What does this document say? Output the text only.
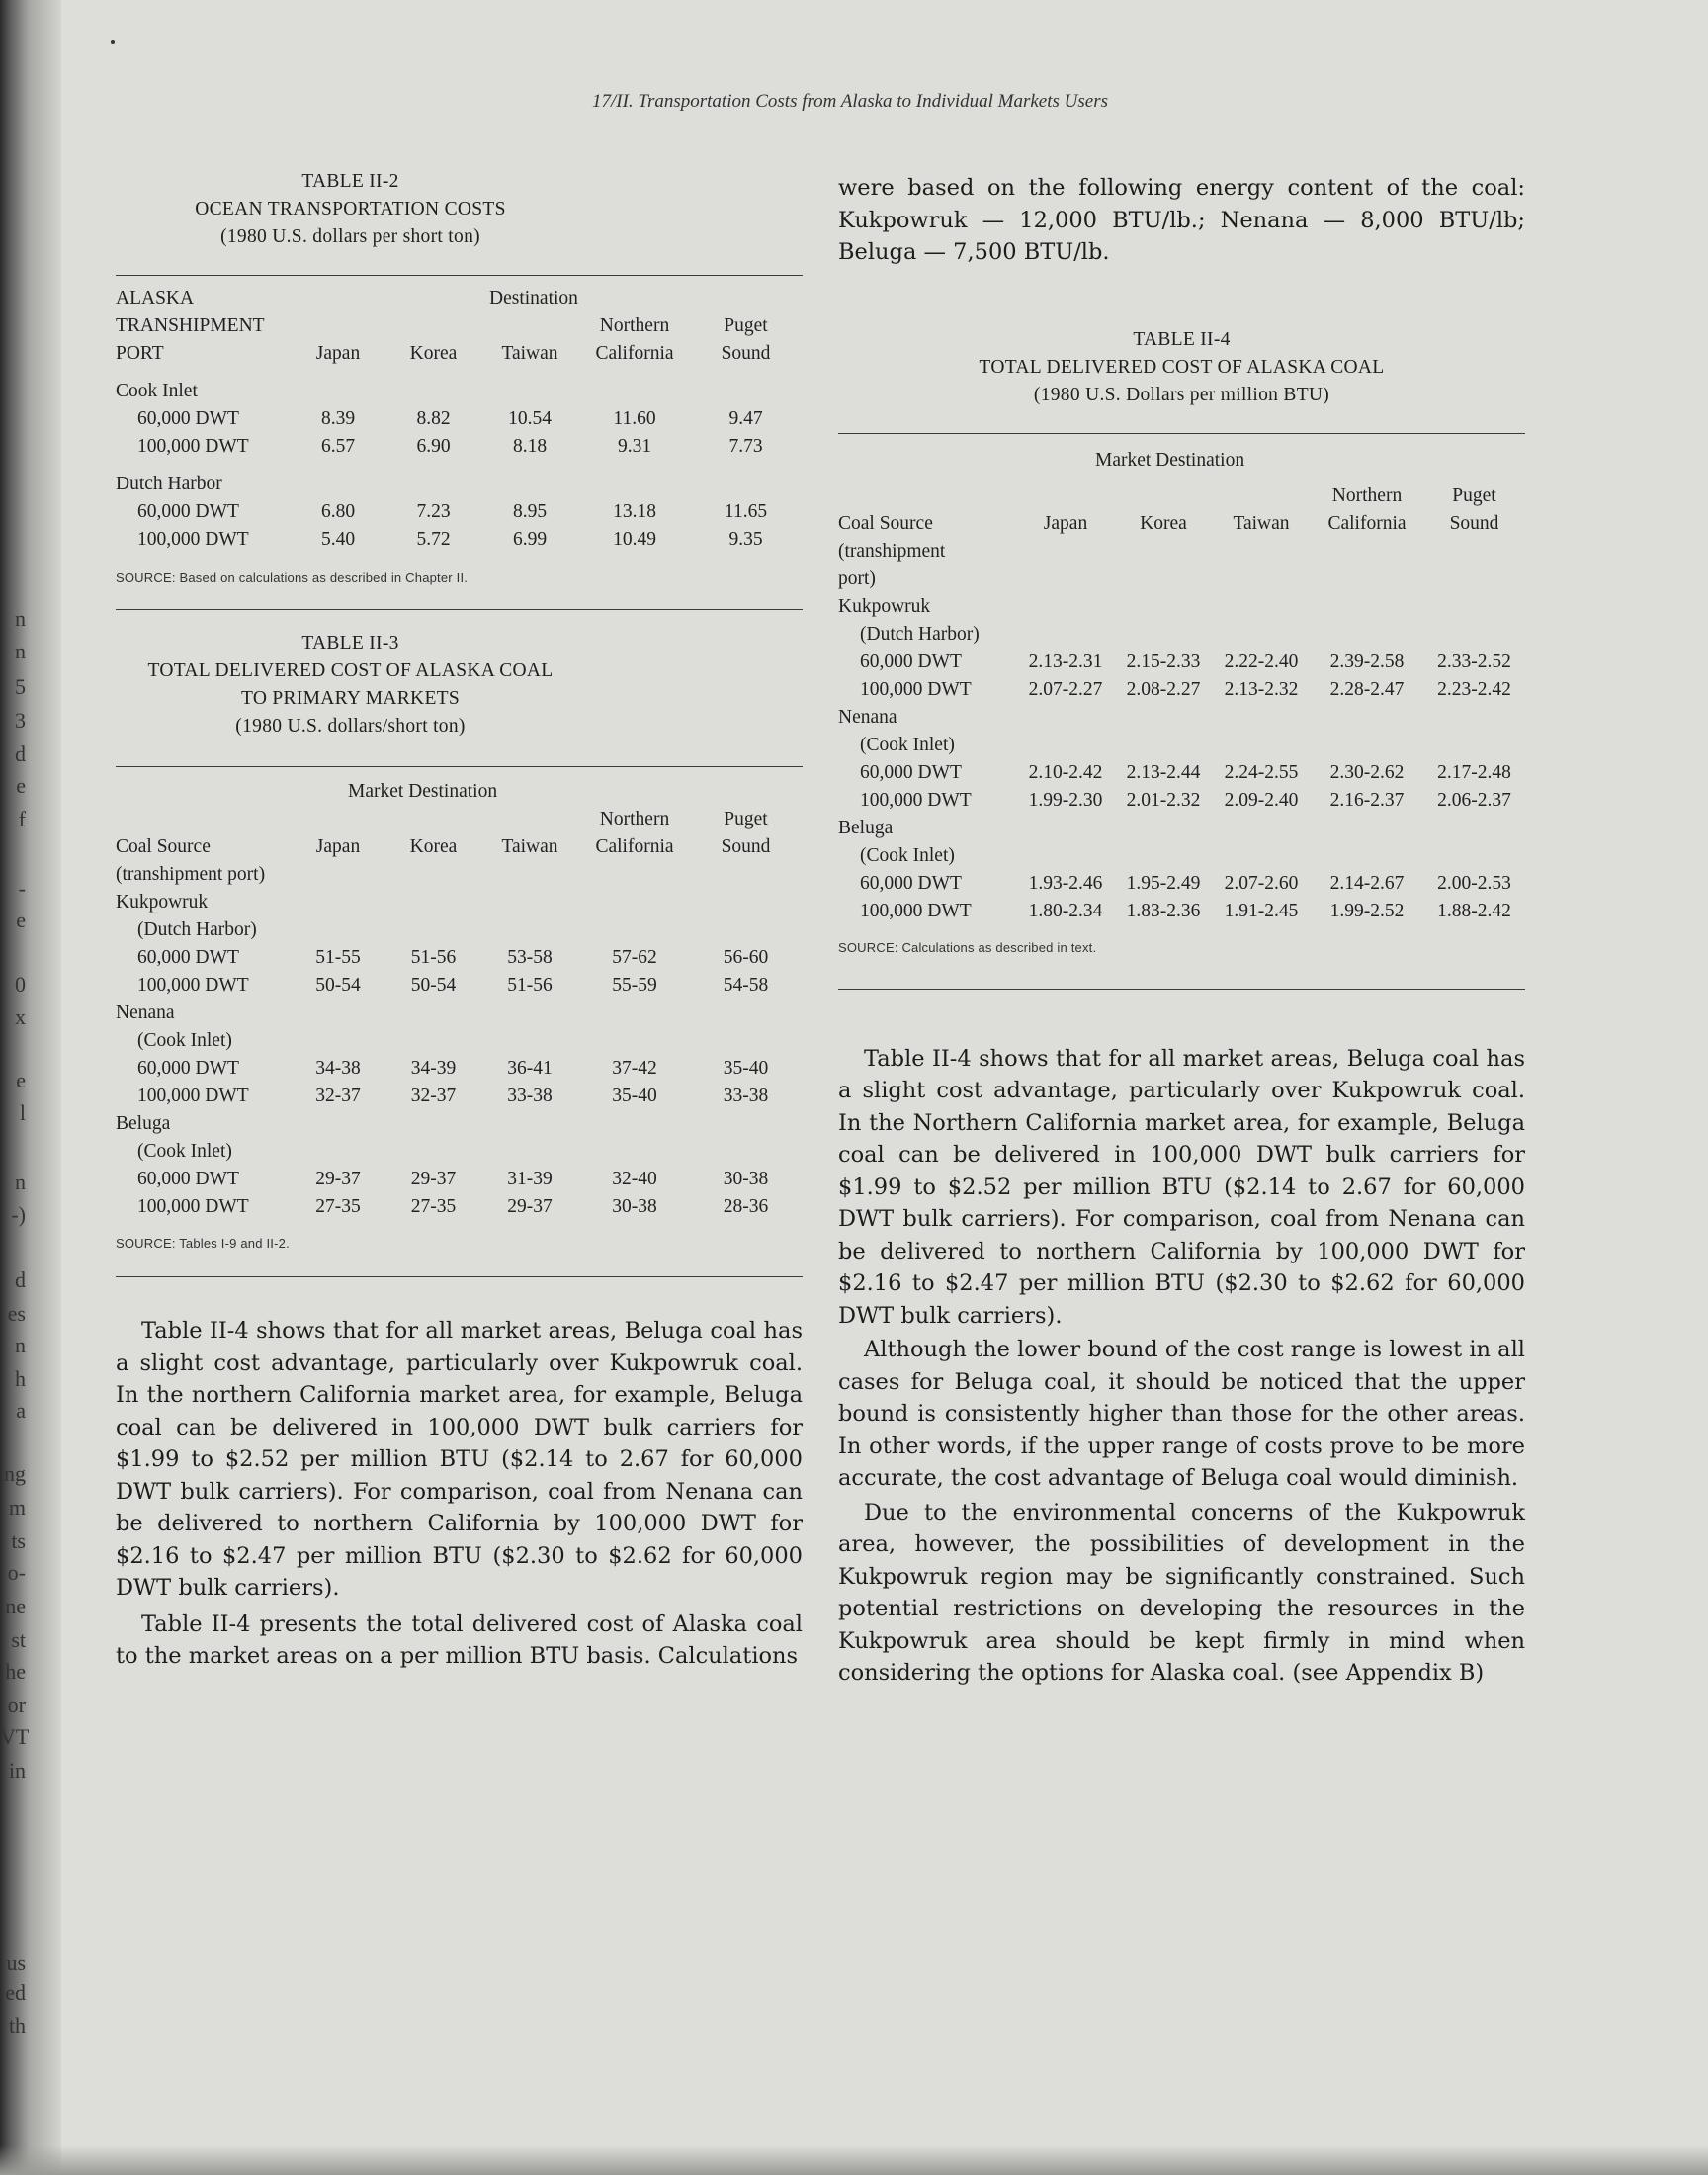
n
n
5
3
d
e
f
-
e
0
x
e
l
n
-)
d
es
n
h
a
ng
m
ts
o-
ne
st
he
or
VT
in
us
ed
th
17/II. Transportation Costs from Alaska to Individual Markets Users
TABLE II-2
OCEAN TRANSPORTATION COSTS
(1980 U.S. dollars per short ton)
ALASKA			Destination		
TRANSHIPMENT				Northern	Puget
PORT	Japan	Korea	Taiwan	California	Sound

Cook Inlet					
60,000 DWT	8.39	8.82	10.54	11.60	9.47
100,000 DWT	6.57	6.90	8.18	9.31	7.73

Dutch Harbor					
60,000 DWT	6.80	7.23	8.95	13.18	11.65
100,000 DWT	5.40	5.72	6.99	10.49	9.35
SOURCE: Based on calculations as described in Chapter II.
TABLE II-3
TOTAL DELIVERED COST OF ALASKA COAL
TO PRIMARY MARKETS
(1980 U.S. dollars/short ton)
	Market Destination				
				Northern	Puget
Coal Source	Japan	Korea	Taiwan	California	Sound
(transhipment port)					
Kukpowruk					
(Dutch Harbor)					
60,000 DWT	51-55	51-56	53-58	57-62	56-60
100,000 DWT	50-54	50-54	51-56	55-59	54-58
Nenana					
(Cook Inlet)					
60,000 DWT	34-38	34-39	36-41	37-42	35-40
100,000 DWT	32-37	32-37	33-38	35-40	33-38
Beluga					
(Cook Inlet)					
60,000 DWT	29-37	29-37	31-39	32-40	30-38
100,000 DWT	27-35	27-35	29-37	30-38	28-36
SOURCE: Tables I-9 and II-2.

Table II-4 shows that for all market areas, Beluga coal has a slight cost advantage, particularly over Kukpowruk coal. In the northern California market area, for example, Beluga coal can be delivered in 100,000 DWT bulk carriers for $1.99 to $2.52 per million BTU ($2.14 to 2.67 for 60,000 DWT bulk carriers). For comparison, coal from Nenana can be delivered to northern California by 100,000 DWT for $2.16 to $2.47 per million BTU ($2.30 to $2.62 for 60,000 DWT bulk carriers).

Table II-4 presents the total delivered cost of Alaska coal to the market areas on a per million BTU basis. Calculations

were based on the following energy content of the coal: Kukpowruk — 12,000 BTU/lb.; Nenana — 8,000 BTU/lb; Beluga — 7,500 BTU/lb.

TABLE II-4
TOTAL DELIVERED COST OF ALASKA COAL
(1980 U.S. Dollars per million BTU)
	Market Destination				

				Northern	Puget
Coal Source	Japan	Korea	Taiwan	California	Sound
(transhipment					
port)					
Kukpowruk					
(Dutch Harbor)					
60,000 DWT	2.13-2.31	2.15-2.33	2.22-2.40	2.39-2.58	2.33-2.52
100,000 DWT	2.07-2.27	2.08-2.27	2.13-2.32	2.28-2.47	2.23-2.42
Nenana					
(Cook Inlet)					
60,000 DWT	2.10-2.42	2.13-2.44	2.24-2.55	2.30-2.62	2.17-2.48
100,000 DWT	1.99-2.30	2.01-2.32	2.09-2.40	2.16-2.37	2.06-2.37
Beluga					
(Cook Inlet)					
60,000 DWT	1.93-2.46	1.95-2.49	2.07-2.60	2.14-2.67	2.00-2.53
100,000 DWT	1.80-2.34	1.83-2.36	1.91-2.45	1.99-2.52	1.88-2.42
SOURCE: Calculations as described in text.

Table II-4 shows that for all market areas, Beluga coal has a slight cost advantage, particularly over Kukpowruk coal. In the Northern California market area, for example, Beluga coal can be delivered in 100,000 DWT bulk carriers for $1.99 to $2.52 per million BTU ($2.14 to 2.67 for 60,000 DWT bulk carriers). For comparison, coal from Nenana can be delivered to northern California by 100,000 DWT for $2.16 to $2.47 per million BTU ($2.30 to $2.62 for 60,000 DWT bulk carriers).

Although the lower bound of the cost range is lowest in all cases for Beluga coal, it should be noticed that the upper bound is consistently higher than those for the other areas. In other words, if the upper range of costs prove to be more accurate, the cost advantage of Beluga coal would diminish.

Due to the environmental concerns of the Kukpowruk area, however, the possibilities of development in the Kukpowruk region may be significantly constrained. Such potential restrictions on developing the resources in the Kukpowruk area should be kept firmly in mind when considering the options for Alaska coal. (see Appendix B)
